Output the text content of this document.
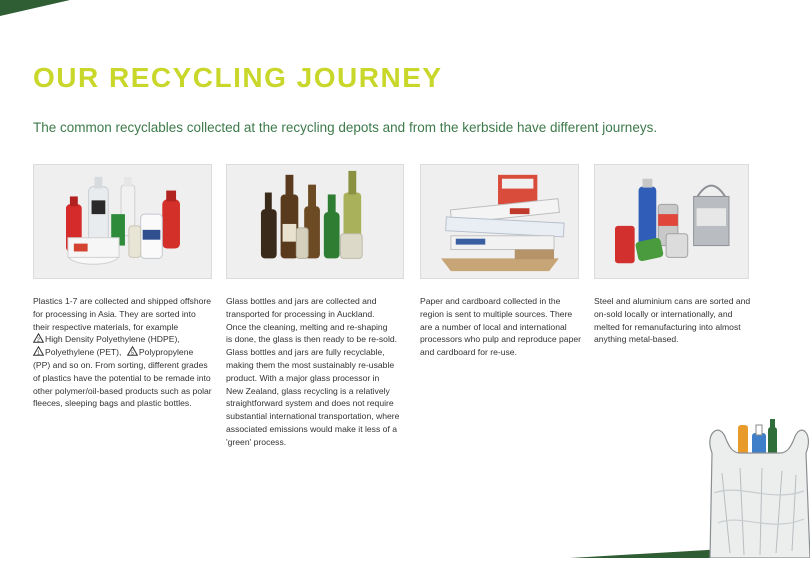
OUR RECYCLING JOURNEY
The common recyclables collected at the recycling depots and from the kerbside have different journeys.
Plastics 1-7 are collected and shipped offshore
for processing in Asia. They are sorted into
their respective materials, for example
2 High Density Polyethylene (HDPE),
1 Polyethylene (PET), 5 Polypropylene
(PP) and so on. From sorting, different grades
of plastics have the potential to be remade into
other polymer/oil-based products such as polar
fleeces, sleeping bags and plastic bottles.
Glass bottles and jars are collected and
transported for processing in Auckland.
Once the cleaning, melting and re-shaping
is done, the glass is then ready to be re-sold.
Glass bottles and jars are fully recyclable,
making them the most sustainably re-usable
product. With a major glass processor in
New Zealand, glass recycling is a relatively
straightforward system and does not require
substantial international transportation, where
associated emissions would make it less of a
'green' process.
Paper and cardboard collected in the
region is sent to multiple sources. There
are a number of local and international
processors who pulp and reproduce paper
and cardboard for re-use.
Steel and aluminium cans are sorted and
on-sold locally or internationally, and
melted for remanufacturing into almost
anything metal-based.
